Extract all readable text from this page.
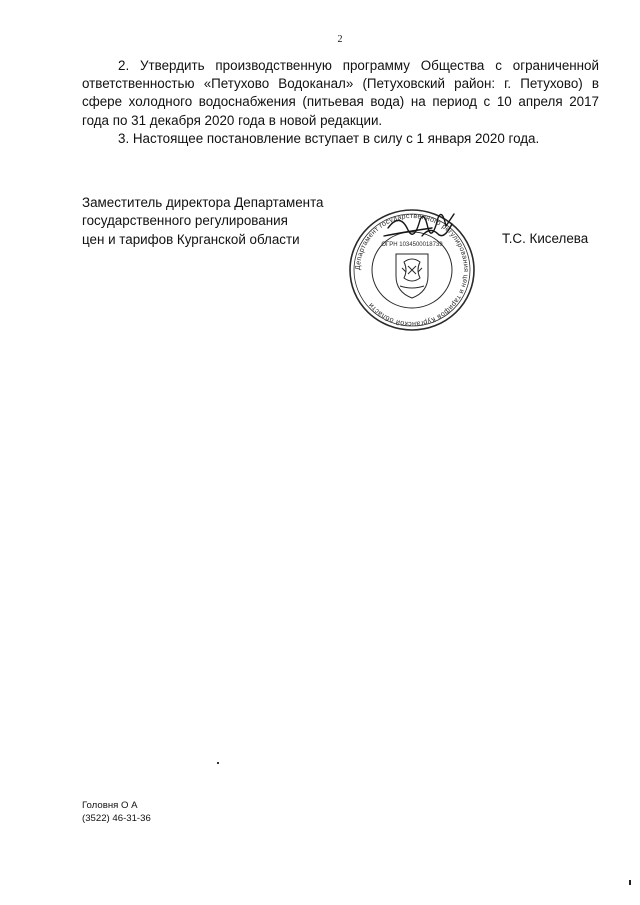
2

2. Утвердить производственную программу Общества с ограниченной ответственностью «Петухово Водоканал» (Петуховский район: г. Петухово) в сфере холодного водоснабжения (питьевая вода) на период с 10 апреля 2017 года по 31 декабря 2020 года в новой редакции.

3. Настоящее постановление вступает в силу с 1 января 2020 года.

Заместитель директора Департамента
государственного регулирования
цен и тарифов Курганской области
Департамент государственного регулирования цен и тарифов Курганской области
ОГРН 1034500018739	Т.С. Киселева
Головня О А
(3522) 46-31-36
